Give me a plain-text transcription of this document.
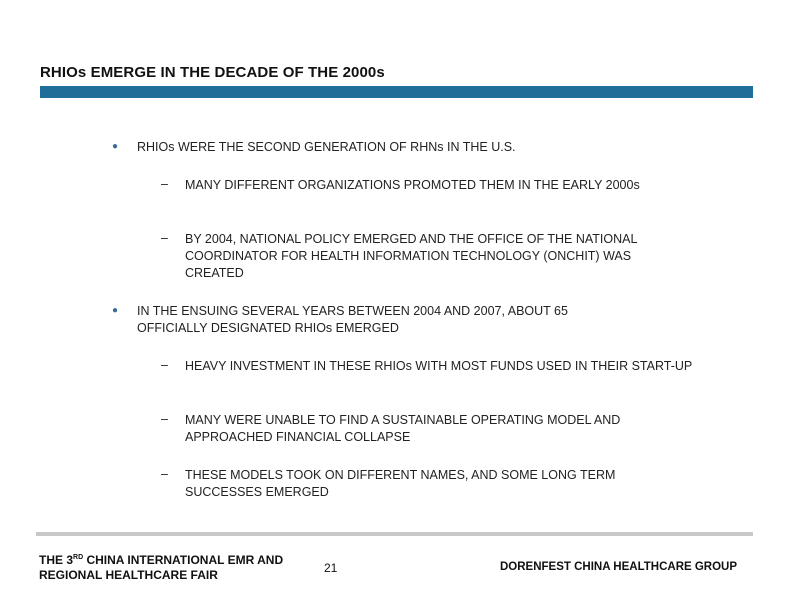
RHIOs EMERGE IN THE DECADE OF THE 2000s
●	RHIOs WERE THE SECOND GENERATION OF RHNs IN THE U.S.
– MANY DIFFERENT ORGANIZATIONS PROMOTED THEM IN THE EARLY 2000s
– BY 2004, NATIONAL POLICY EMERGED AND THE OFFICE OF THE NATIONAL COORDINATOR FOR HEALTH INFORMATION TECHNOLOGY (ONCHIT) WAS CREATED
●	IN THE ENSUING SEVERAL YEARS BETWEEN 2004 AND 2007, ABOUT 65 OFFICIALLY DESIGNATED RHIOs EMERGED
– HEAVY INVESTMENT IN THESE RHIOs WITH MOST FUNDS USED IN THEIR START-UP
– MANY WERE UNABLE TO FIND A SUSTAINABLE OPERATING MODEL AND APPROACHED FINANCIAL COLLAPSE
– THESE MODELS TOOK ON DIFFERENT NAMES, AND SOME LONG TERM SUCCESSES EMERGED
THE 3RD CHINA INTERNATIONAL EMR AND
REGIONAL HEALTHCARE FAIR	21	DORENFEST CHINA HEALTHCARE GROUP
